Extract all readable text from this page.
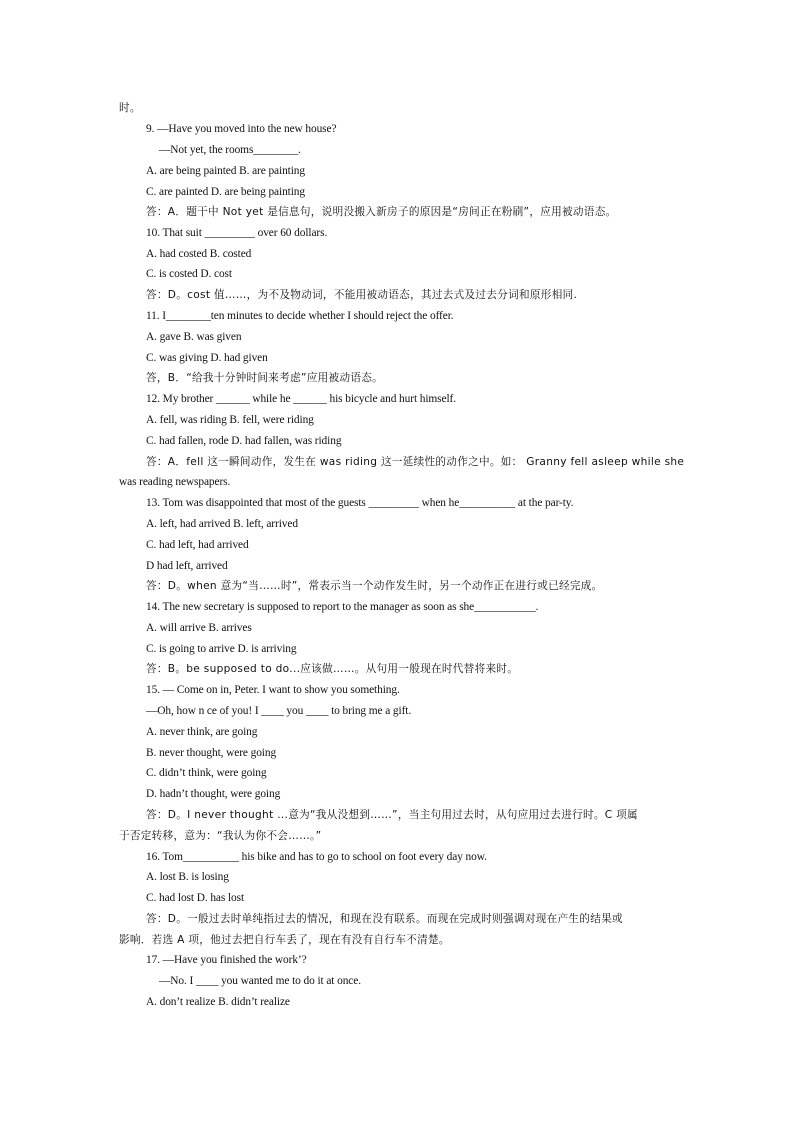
时。
9. —Have you moved into the new house?
—Not yet, the rooms________.
A. are being painted B. are painting
C. are painted D. are being painting
答：A．题干中 Not yet 是信息句，说明没搬入新房子的原因是“房间正在粉刷”，应用被动语态。
10. That suit _________ over 60 dollars.
A. had costed B. costed
C. is costed D. cost
答：D。cost 值……，为不及物动词，不能用被动语态，其过去式及过去分词和原形相同.
11. I________ten minutes to decide whether I should reject the offer.
A. gave B. was given
C. was giving D. had given
答，B．“给我十分钟时间来考虑”应用被动语态。
12. My brother ______ while he ______ his bicycle and hurt himself.
A. fell, was riding B. fell, were riding
C. had fallen, rode D. had fallen, was riding
答：A．fell 这一瞬间动作，发生在 was riding 这一延续性的动作之中。如： Granny fell asleep while she
was reading newspapers.
13. Tom was disappointed that most of the guests _________ when he__________ at the par-ty.
A. left, had arrived B. left, arrived
C. had left, had arrived
D had left, arrived
答：D。when 意为“当……时”，常表示当一个动作发生时，另一个动作正在进行或已经完成。
14. The new secretary is supposed to report to the manager as soon as she___________.
A. will arrive B. arrives
C. is going to arrive D. is arriving
答：B。be supposed to do...应该做……。从句用一般现在时代替将来时。
15. — Come on in, Peter. I want to show you something.
—Oh, how n ce of you! I ____ you ____ to bring me a gift.
A. never think, are going
B. never thought, were going
C. didn’t think, were going
D. hadn’t thought, were going
答：D。I never thought ...意为“我从没想到……”，当主句用过去时，从句应用过去进行时。C 项属
于否定转移，意为：“我认为你不会……。”
16. Tom__________ his bike and has to go to school on foot every day now.
A. lost B. is losing
C. had lost D. has lost
答：D。一般过去时单纯指过去的情况，和现在没有联系。而现在完成时则强调对现在产生的结果或
影响．若选 A 项，他过去把自行车丢了，现在有没有自行车不清楚。
17. —Have you finished the work’?
—No. I ____ you wanted me to do it at once.
A. don’t realize B. didn’t realize
